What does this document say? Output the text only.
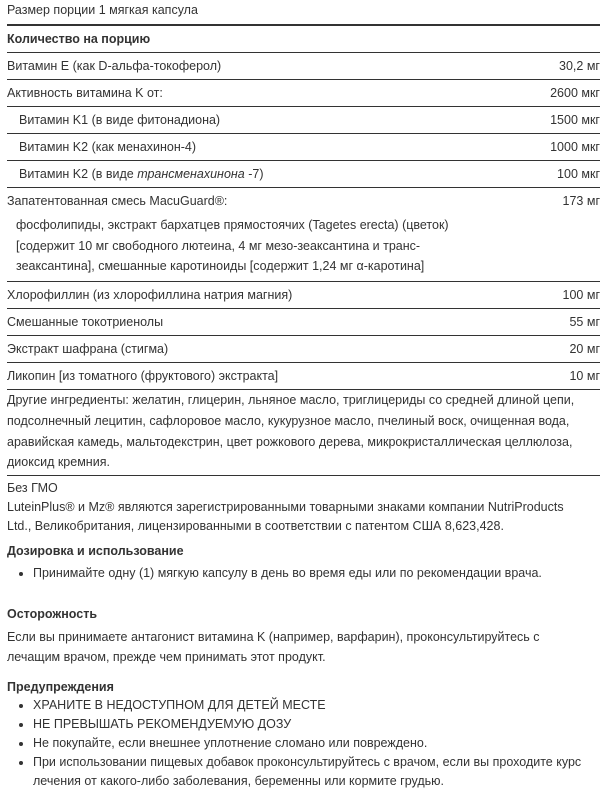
Размер порции 1 мягкая капсула
Количество на порцию
Витамин E (как D-альфа-токоферол)	30,2 мг
Активность витамина K от:	2600 мкг
Витамин K1 (в виде фитонадиона)	1500 мкг
Витамин K2 (как менахинон-4)	1000 мкг
Витамин K2 (в виде трансменахинона -7)	100 мкг
Запатентованная смесь MacuGuard®:	173 мг
фосфолипиды, экстракт бархатцев прямостоячих (Tagetes erecta) (цветок)
[содержит 10 мг свободного лютеина, 4 мг мезо-зеаксантина и транс-
зеаксантина], смешанные каротиноиды [содержит 1,24 мг α-каротина]
Хлорофиллин (из хлорофиллина натрия магния)	100 мг
Смешанные токотриенолы	55 мг
Экстракт шафрана (стигма)	20 мг
Ликопин [из томатного (фруктового) экстракта]	10 мг
Другие ингредиенты: желатин, глицерин, льняное масло, триглицериды со средней длиной цепи,
подсолнечный лецитин, сафлоровое масло, кукурузное масло, пчелиный воск, очищенная вода,
аравийская камедь, мальтодекстрин, цвет рожкового дерева, микрокристаллическая целлюлоза,
диоксид кремния.
Без ГМО
LuteinPlus® и Mz® являются зарегистрированными товарными знаками компании NutriProducts
Ltd., Великобритания, лицензированными в соответствии с патентом США 8,623,428.
Дозировка и использование
• Принимайте одну (1) мягкую капсулу в день во время еды или по рекомендации врача.
Осторожность
Если вы принимаете антагонист витамина K (например, варфарин), проконсультируйтесь с
лечащим врачом, прежде чем принимать этот продукт.
Предупреждения
• ХРАНИТЕ В НЕДОСТУПНОМ ДЛЯ ДЕТЕЙ МЕСТЕ
• НЕ ПРЕВЫШАТЬ РЕКОМЕНДУЕМУЮ ДОЗУ
• Не покупайте, если внешнее уплотнение сломано или повреждено.
• При использовании пищевых добавок проконсультируйтесь с врачом, если вы проходите курс лечения от какого-либо заболевания, беременны или кормите грудью.
